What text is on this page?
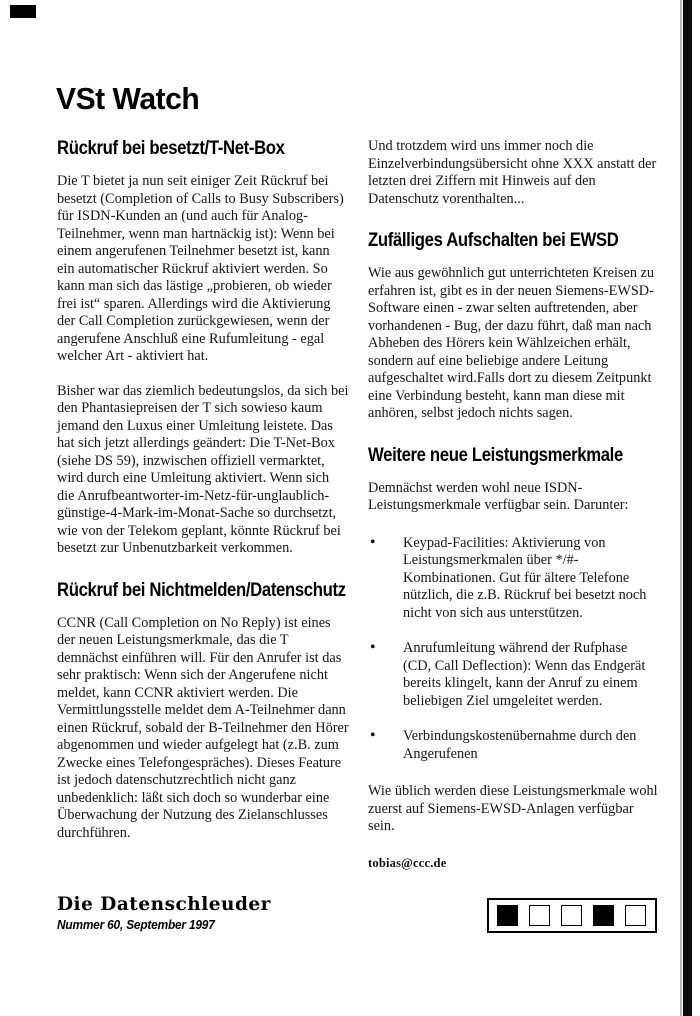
VSt Watch
Rückruf bei besetzt/T-Net-Box

Die T bietet ja nun seit einiger Zeit Rückruf bei besetzt (Completion of Calls to Busy Subscribers) für ISDN-Kunden an (und auch für Analog-Teilnehmer, wenn man hartnäckig ist): Wenn bei einem angerufenen Teilnehmer besetzt ist, kann ein automatischer Rückruf aktiviert werden. So kann man sich das lästige „probieren, ob wieder frei ist“ sparen. Allerdings wird die Aktivierung der Call Completion zurückgewiesen, wenn der angerufene Anschluß eine Rufumleitung - egal welcher Art - aktiviert hat.

Bisher war das ziemlich bedeutungslos, da sich bei den Phantasiepreisen der T sich sowieso kaum jemand den Luxus einer Umleitung leistete. Das hat sich jetzt allerdings geändert: Die T-Net-Box (siehe DS 59), inzwischen offiziell vermarktet, wird durch eine Umleitung aktiviert. Wenn sich die Anrufbeantworter-im-Netz-für-unglaublich-günstige-4-Mark-im-Monat-Sache so durchsetzt, wie von der Telekom geplant, könnte Rückruf bei besetzt zur Unbenutzbarkeit verkommen.

Rückruf bei Nichtmelden/Datenschutz

CCNR (Call Completion on No Reply) ist eines der neuen Leistungsmerkmale, das die T demnächst einführen will. Für den Anrufer ist das sehr praktisch: Wenn sich der Angerufene nicht meldet, kann CCNR aktiviert werden. Die Vermittlungsstelle meldet dem A-Teilnehmer dann einen Rückruf, sobald der B-Teilnehmer den Hörer abgenommen und wieder aufgelegt hat (z.B. zum Zwecke eines Telefongespräches). Dieses Feature ist jedoch datenschutzrechtlich nicht ganz unbedenklich: läßt sich doch so wunderbar eine Überwachung der Nutzung des Zielanschlusses durchführen.

Und trotzdem wird uns immer noch die Einzelverbindungsübersicht ohne XXX anstatt der letzten drei Ziffern mit Hinweis auf den Datenschutz vorenthalten...

Zufälliges Aufschalten bei EWSD

Wie aus gewöhnlich gut unterrichteten Kreisen zu erfahren ist, gibt es in der neuen Siemens-EWSD-Software einen - zwar selten auftretenden, aber vorhandenen - Bug, der dazu führt, daß man nach Abheben des Hörers kein Wählzeichen erhält, sondern auf eine beliebige andere Leitung aufgeschaltet wird.Falls dort zu diesem Zeitpunkt eine Verbindung besteht, kann man diese mit anhören, selbst jedoch nichts sagen.

Weitere neue Leistungsmerkmale

Demnächst werden wohl neue ISDN-Leistungsmerkmale verfügbar sein. Darunter:

• Keypad-Facilities: Aktivierung von Leistungsmerkmalen über */#-Kombinationen. Gut für ältere Telefone nützlich, die z.B. Rückruf bei besetzt noch nicht von sich aus unterstützen.
• Anrufumleitung während der Rufphase (CD, Call Deflection): Wenn das Endgerät bereits klingelt, kann der Anruf zu einem beliebigen Ziel umgeleitet werden.
• Verbindungskostenübernahme durch den Angerufenen

Wie üblich werden diese Leistungsmerkmale wohl zuerst auf Siemens-EWSD-Anlagen verfügbar sein.

tobias@ccc.de
Die Datenschleuder
Nummer 60, September 1997
